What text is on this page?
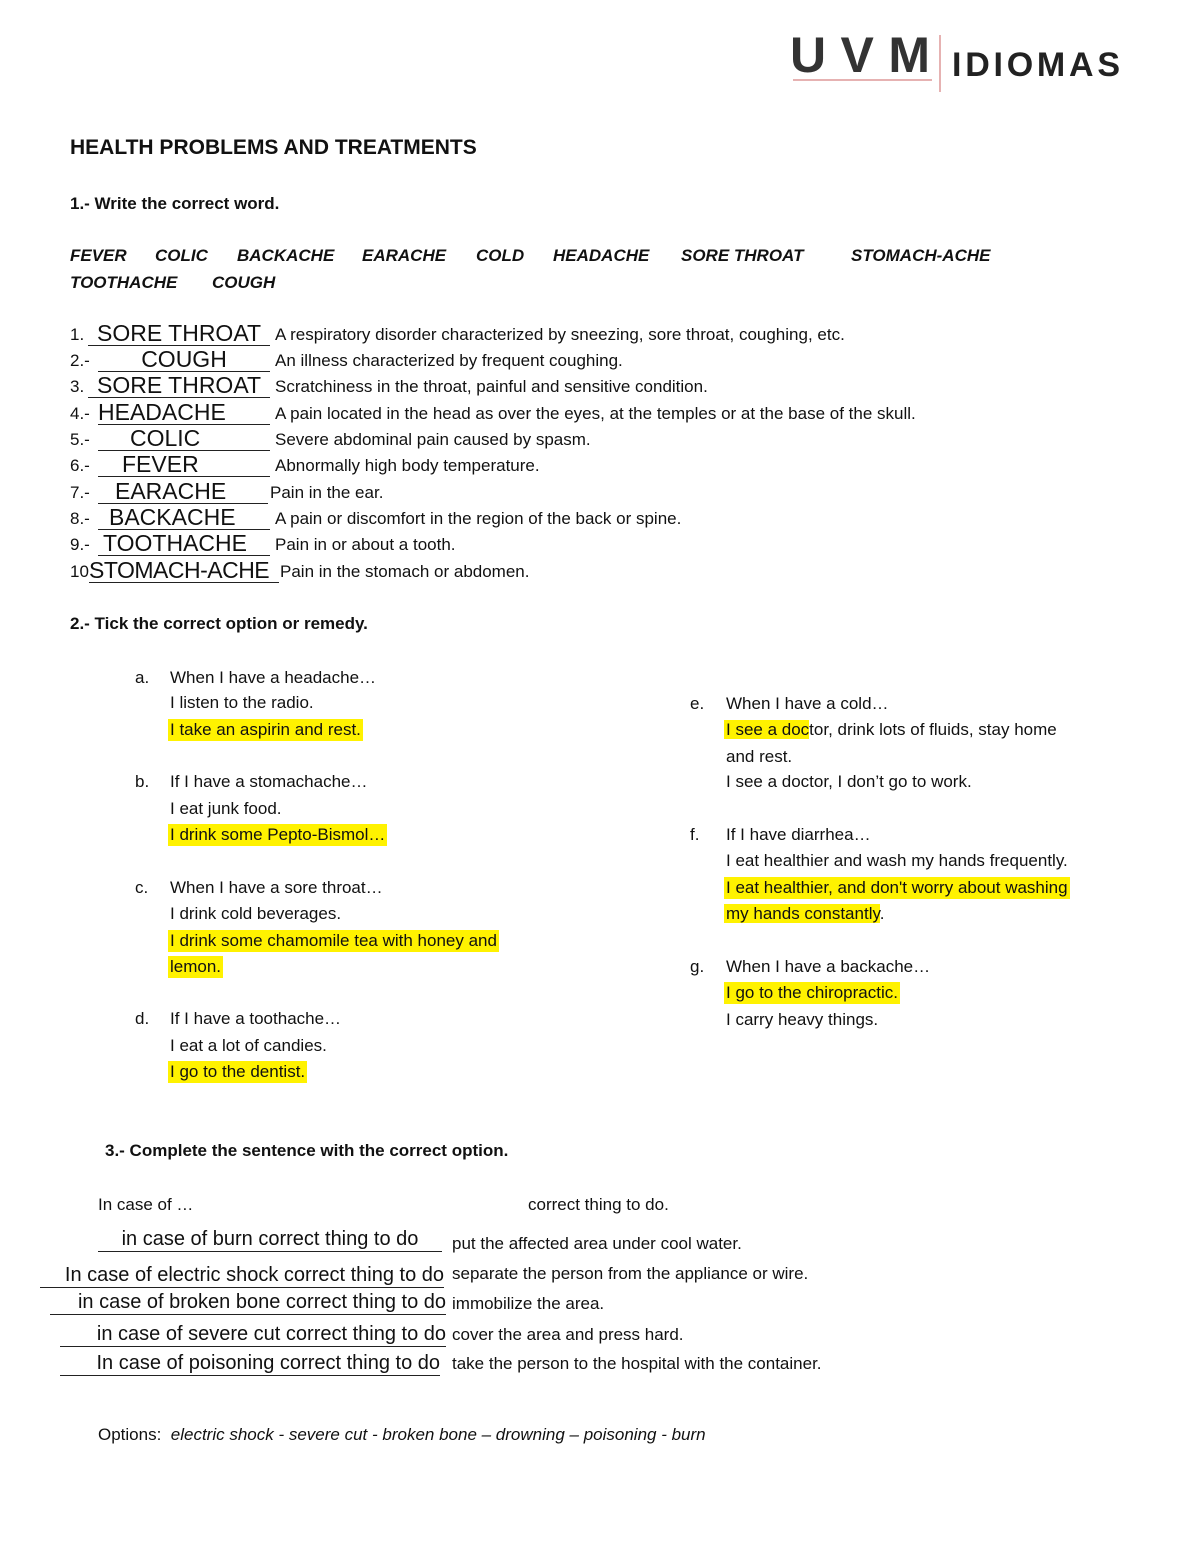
UVM IDIOMAS
HEALTH PROBLEMS AND TREATMENTS
1.- Write the correct word.
FEVER COLIC BACKACHE EARACHE COLD HEADACHE SORE THROAT	STOMACH-ACHE
TOOTHACHE COUGH
1. SORE THROAT A respiratory disorder characterized by sneezing, sore throat, coughing, etc.
2.-	COUGH	An illness characterized by frequent coughing.
3. SORE THROAT Scratchiness in the throat, painful and sensitive condition.
4.- HEADACHE	A pain located in the head as over the eyes, at the temples or at the base of the skull.
5.-	COLIC	Severe abdominal pain caused by spasm.
6.-	FEVER	Abnormally high body temperature.
7.-	EARACHE	Pain in the ear.
8.- BACKACHE	A pain or discomfort in the region of the back or spine.
9.- TOOTHACHE	Pain in or about a tooth.
10 STOMACH-ACHE Pain in the stomach or abdomen.
2.- Tick the correct option or remedy.
a. When I have a headache…
I listen to the radio.
I take an aspirin and rest.
b. If I have a stomachache…
I eat junk food.
I drink some Pepto-Bismol…
c. When I have a sore throat…
I drink cold beverages.
I drink some chamomile tea with honey and
lemon.
d. If I have a toothache…
I eat a lot of candies.
I go to the dentist.
e. When I have a cold…
I see a doctor, drink lots of fluids, stay home
and rest.
I see a doctor, I don’t go to work.
f. If I have diarrhea…
I eat healthier and wash my hands frequently.
I eat healthier, and don't worry about washing
my hands constantly.
g. When I have a backache…
I go to the chiropractic.
I carry heavy things.
3.- Complete the sentence with the correct option.
In case of …	correct thing to do.
in case of burn correct thing to do	put the affected area under cool water.
In case of electric shock correct thing to do separate the person from the appliance or wire.
in case of broken bone correct thing to do immobilize the area.
in case of severe cut correct thing to do cover the area and press hard.
In case of poisoning correct thing to do take the person to the hospital with the container.
Options: electric shock - severe cut - broken bone – drowning – poisoning - burn
